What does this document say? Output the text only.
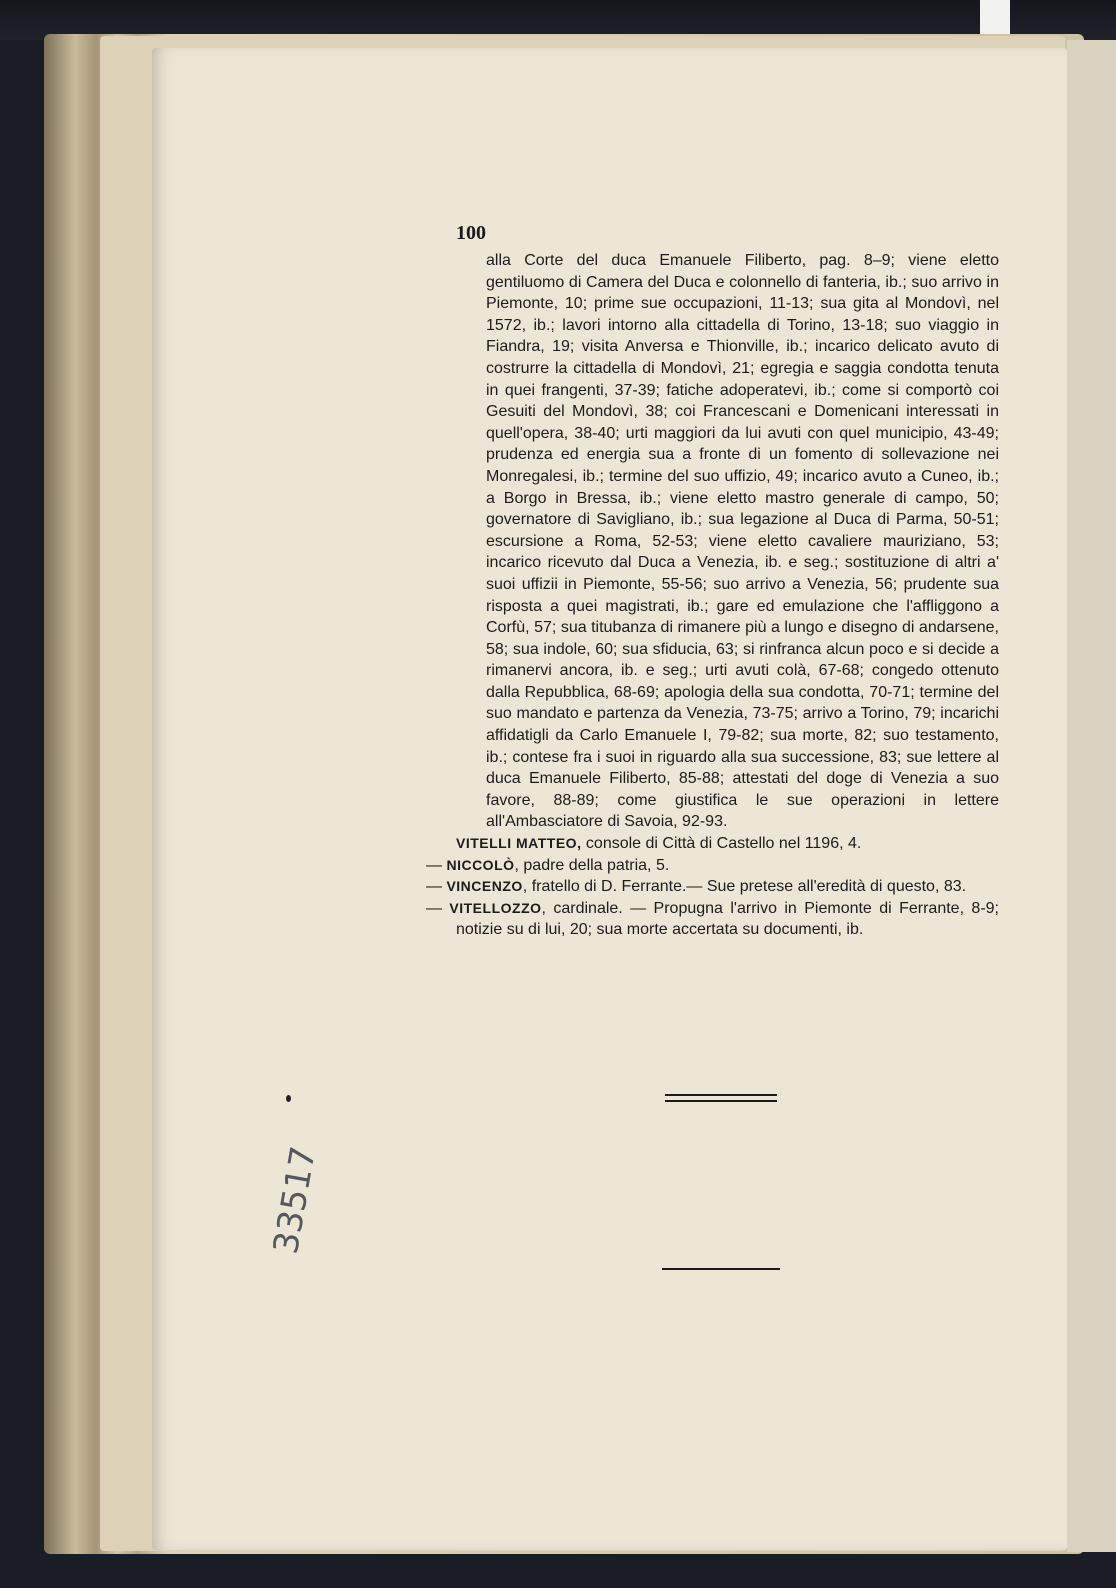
100

alla Corte del duca Emanuele Filiberto, pag. 8–9; viene eletto gentiluomo di Camera del Duca e colonnello di fanteria, ib.; suo arrivo in Piemonte, 10; prime sue occupazioni, 11-13; sua gita al Mondovì, nel 1572, ib.; lavori intorno alla cittadella di Torino, 13-18; suo viaggio in Fiandra, 19; visita Anversa e Thionville, ib.; incarico delicato avuto di costrurre la cittadella di Mondovì, 21; egregia e saggia condotta tenuta in quei frangenti, 37-39; fatiche adoperatevi, ib.; come si comportò coi Gesuiti del Mondovì, 38; coi Francescani e Domenicani interessati in quell'opera, 38-40; urti maggiori da lui avuti con quel municipio, 43-49; prudenza ed energia sua a fronte di un fomento di sollevazione nei Monregalesi, ib.; termine del suo uffizio, 49; incarico avuto a Cuneo, ib.; a Borgo in Bressa, ib.; viene eletto mastro generale di campo, 50; governatore di Savigliano, ib.; sua legazione al Duca di Parma, 50-51; escursione a Roma, 52-53; viene eletto cavaliere mauriziano, 53; incarico ricevuto dal Duca a Venezia, ib. e seg.; sostituzione di altri a' suoi uffizii in Piemonte, 55-56; suo arrivo a Venezia, 56; prudente sua risposta a quei magistrati, ib.; gare ed emulazione che l'affliggono a Corfù, 57; sua titubanza di rimanere più a lungo e disegno di andarsene, 58; sua indole, 60; sua sfiducia, 63; si rinfranca alcun poco e si decide a rimanervi ancora, ib. e seg.; urti avuti colà, 67-68; congedo ottenuto dalla Repubblica, 68-69; apologia della sua condotta, 70-71; termine del suo mandato e partenza da Venezia, 73-75; arrivo a Torino, 79; incarichi affidatigli da Carlo Emanuele I, 79-82; sua morte, 82; suo testamento, ib.; contese fra i suoi in riguardo alla sua successione, 83; sue lettere al duca Emanuele Filiberto, 85-88; attestati del doge di Venezia a suo favore, 88-89; come giustifica le sue operazioni in lettere all'Ambasciatore di Savoia, 92-93.

VITELLI MATTEO, console di Città di Castello nel 1196, 4.

— NICCOLÒ, padre della patria, 5.

— VINCENZO, fratello di D. Ferrante.— Sue pretese all'eredità di questo, 83.

— VITELLOZZO, cardinale. — Propugna l'arrivo in Piemonte di Ferrante, 8-9; notizie su di lui, 20; sua morte accertata su documenti, ib.

33517
